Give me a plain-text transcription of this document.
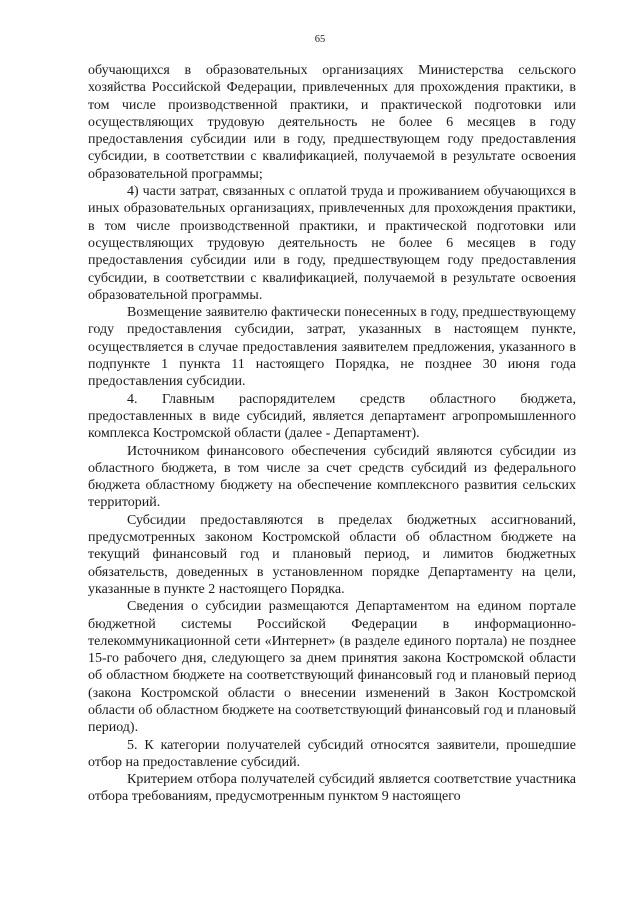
65

обучающихся в образовательных организациях Министерства сельского хозяйства Российской Федерации, привлеченных для прохождения практики, в том числе производственной практики, и практической подготовки или осуществляющих трудовую деятельность не более 6 месяцев в году предоставления субсидии или в году, предшествующем году предоставления субсидии, в соответствии с квалификацией, получаемой в результате освоения образовательной программы;

4) части затрат, связанных с оплатой труда и проживанием обучающихся в иных образовательных организациях, привлеченных для прохождения практики, в том числе производственной практики, и практической подготовки или осуществляющих трудовую деятельность не более 6 месяцев в году предоставления субсидии или в году, предшествующем году предоставления субсидии, в соответствии с квалификацией, получаемой в результате освоения образовательной программы.

Возмещение заявителю фактически понесенных в году, предшествующему году предоставления субсидии, затрат, указанных в настоящем пункте, осуществляется в случае предоставления заявителем предложения, указанного в подпункте 1 пункта 11 настоящего Порядка, не позднее 30 июня года предоставления субсидии.

4. Главным распорядителем средств областного бюджета, предоставленных в виде субсидий, является департамент агропромышленного комплекса Костромской области (далее - Департамент).

Источником финансового обеспечения субсидий являются субсидии из областного бюджета, в том числе за счет средств субсидий из федерального бюджета областному бюджету на обеспечение комплексного развития сельских территорий.

Субсидии предоставляются в пределах бюджетных ассигнований, предусмотренных законом Костромской области об областном бюджете на текущий финансовый год и плановый период, и лимитов бюджетных обязательств, доведенных в установленном порядке Департаменту на цели, указанные в пункте 2 настоящего Порядка.

Сведения о субсидии размещаются Департаментом на едином портале бюджетной системы Российской Федерации в информационно-телекоммуникационной сети «Интернет» (в разделе единого портала) не позднее 15-го рабочего дня, следующего за днем принятия закона Костромской области об областном бюджете на соответствующий финансовый год и плановый период (закона Костромской области о внесении изменений в Закон Костромской области об областном бюджете на соответствующий финансовый год и плановый период).

5. К категории получателей субсидий относятся заявители, прошедшие отбор на предоставление субсидий.

Критерием отбора получателей субсидий является соответствие участника отбора требованиям, предусмотренным пунктом 9 настоящего
